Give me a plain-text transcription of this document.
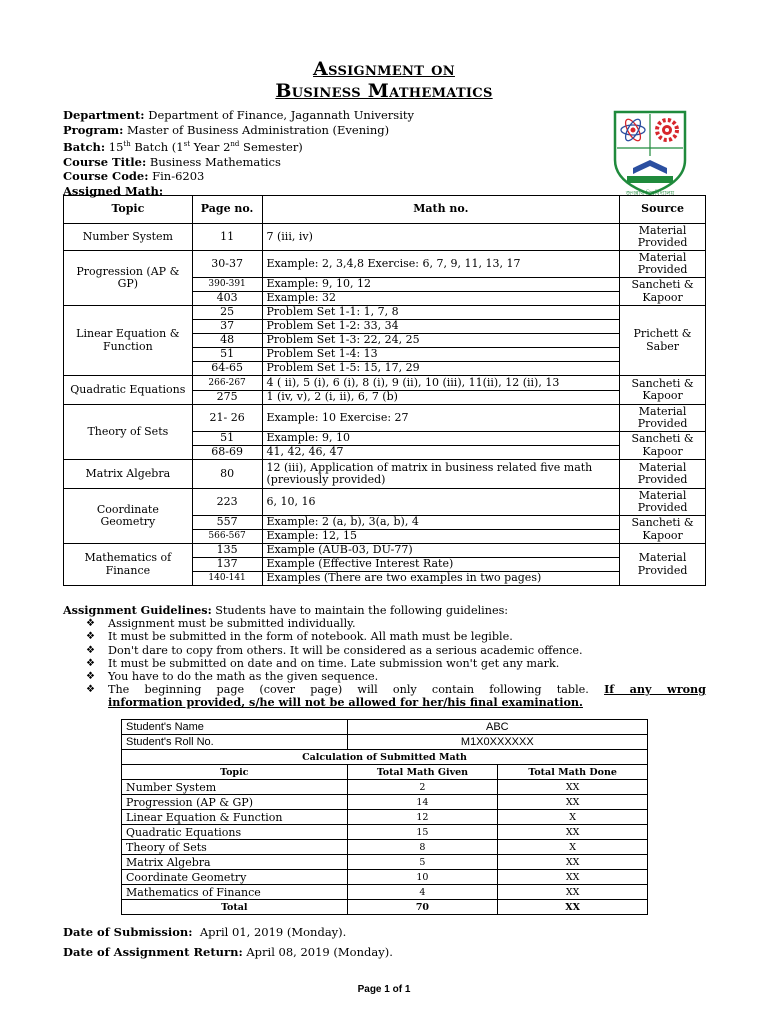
Assignment on
Business Mathematics
Department: Department of Finance, Jagannath University
Program: Master of Business Administration (Evening)
Batch: 15th Batch (1st Year 2nd Semester)
Course Title: Business Mathematics
Course Code: Fin-6203
Assigned Math:	জগন্নাথ বিশ্ববিদ্যালয়
Topic	Page no.	Math no.	Source
Number System	11	7 (iii, iv)	Material Provided
Progression (AP & GP)	30-37	Example: 2, 3,4,8 Exercise: 6, 7, 9, 11, 13, 17	Material Provided
	390-391	Example: 9, 10, 12	Sancheti & Kapoor
	403	Example: 32	
Linear Equation & Function	25	Problem Set 1-1: 1, 7, 8	Prichett & Saber
	37	Problem Set 1-2: 33, 34	
	48	Problem Set 1-3: 22, 24, 25	
	51	Problem Set 1-4: 13	
	64-65	Problem Set 1-5: 15, 17, 29	
Quadratic Equations	266-267	4 ( ii), 5 (i), 6 (i), 8 (i), 9 (ii), 10 (iii), 11(ii), 12 (ii), 13	Sancheti & Kapoor
	275	1 (iv, v), 2 (i, ii), 6, 7 (b)	
Theory of Sets	21- 26	Example: 10 Exercise: 27	Material Provided
	51	Example: 9, 10	Sancheti & Kapoor
	68-69	41, 42, 46, 47	
Matrix Algebra	80	12 (iii), Application of matrix in business related five math (previously provided)	Material Provided
Coordinate Geometry	223	6, 10, 16	Material Provided
	557	Example: 2 (a, b), 3(a, b), 4	Sancheti & Kapoor
	566-567	Example: 12, 15	
Mathematics of Finance	135	Example (AUB-03, DU-77)	Material Provided
	137	Example (Effective Interest Rate)	
	140-141	Examples (There are two examples in two pages)	
Assignment Guidelines: Students have to maintain the following guidelines:
❖ Assignment must be submitted individually.
❖ It must be submitted in the form of notebook. All math must be legible.
❖ Don't dare to copy from others. It will be considered as a serious academic offence.
❖ It must be submitted on date and on time. Late submission won't get any mark.
❖ You have to do the math as the given sequence.
❖ The beginning page (cover page) will only contain following table. If any wrong
information provided, s/he will not be allowed for her/his final examination.
Student's Name	ABC	
Student's Roll No.	M1X0XXXXXX	
Calculation of Submitted Math		
Topic	Total Math Given	Total Math Done
Number System	2	XX
Progression (AP & GP)	14	XX
Linear Equation & Function	12	X
Quadratic Equations	15	XX
Theory of Sets	8	X
Matrix Algebra	5	XX
Coordinate Geometry	10	XX
Mathematics of Finance	4	XX
Total	70	XX
Date of Submission:  April 01, 2019 (Monday).
Date of Assignment Return: April 08, 2019 (Monday).
Page 1 of 1
